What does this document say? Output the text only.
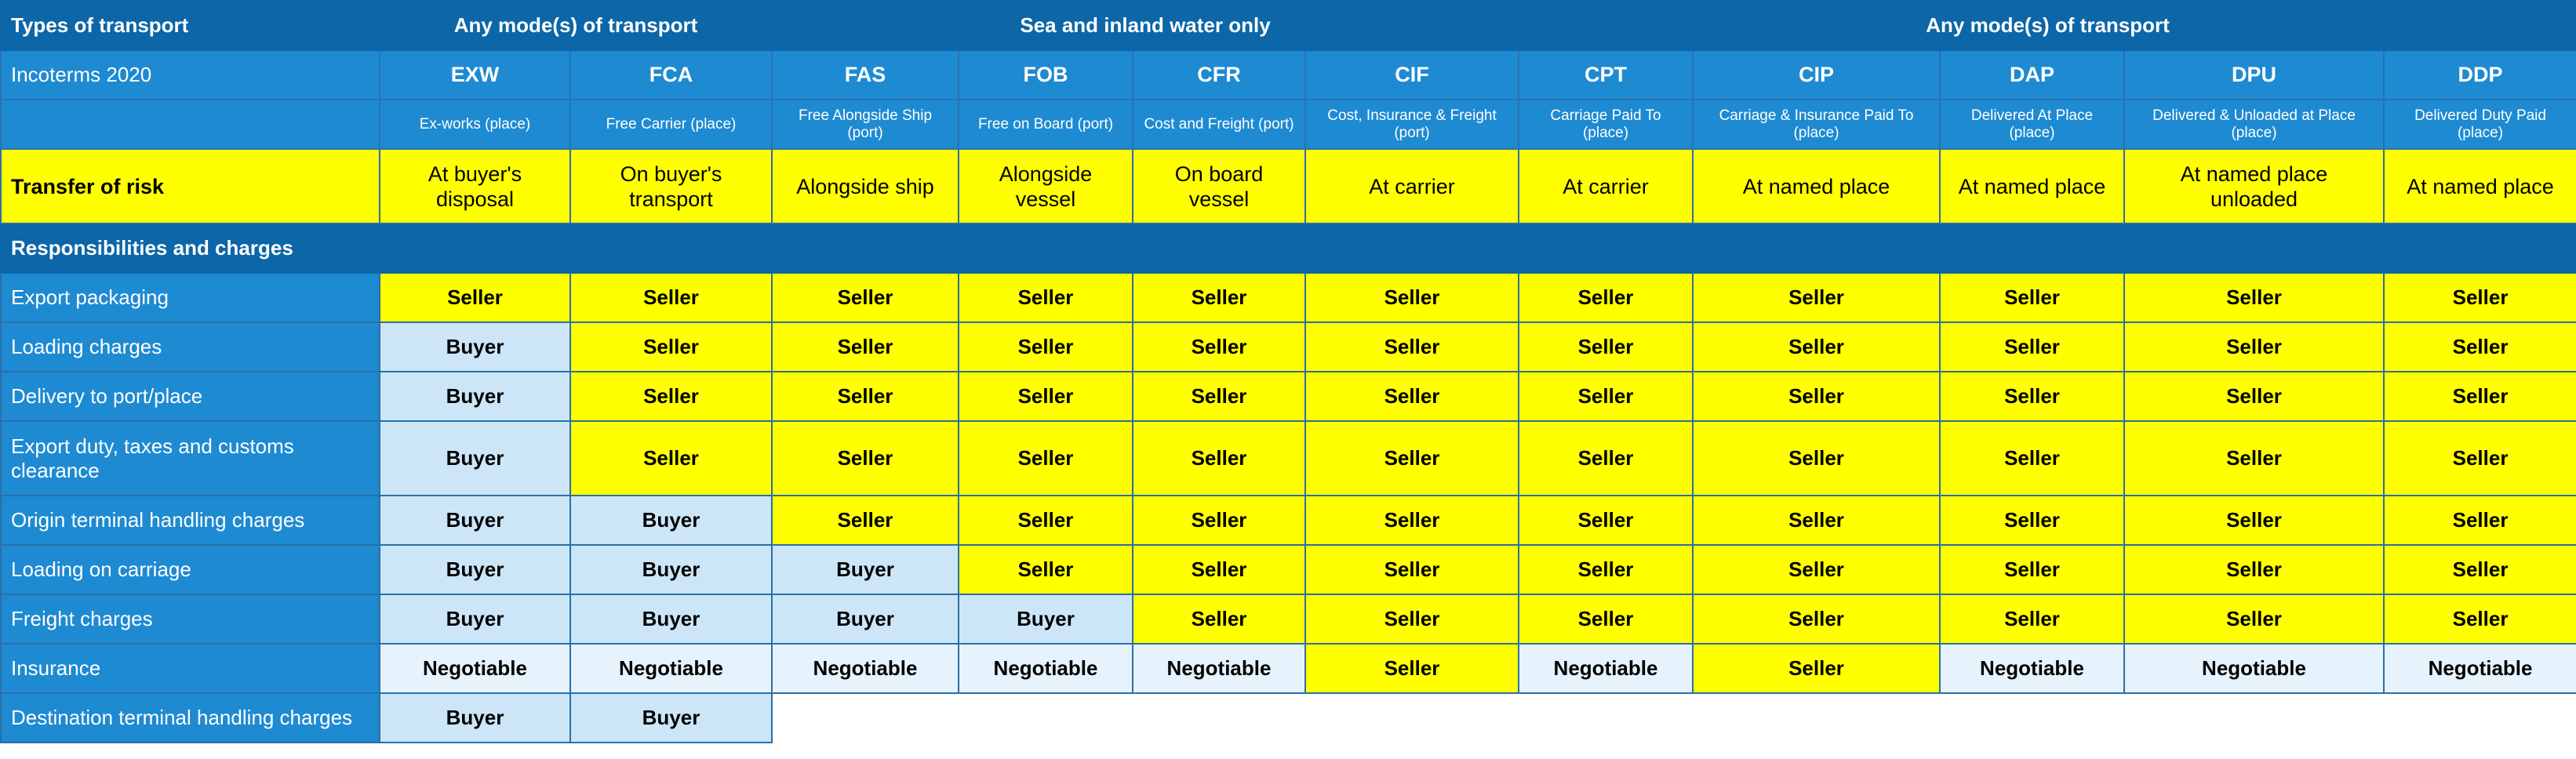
Types of transport	Any mode(s) of transport		Sea and inland water only				Any mode(s) of transport				
Incoterms 2020	EXW	FCA	FAS	FOB	CFR	CIF	CPT	CIP	DAP	DPU	DDP
	Ex-works (place)	Free Carrier (place)	Free Alongside Ship (port)	Free on Board (port)	Cost and Freight (port)	Cost, Insurance & Freight (port)	Carriage Paid To (place)	Carriage & Insurance Paid To (place)	Delivered At Place (place)	Delivered & Unloaded at Place (place)	Delivered Duty Paid (place)
Transfer of risk	At buyer's disposal	On buyer's transport	Alongside ship	Alongside vessel	On board vessel	At carrier	At carrier	At named place	At named place	At named place unloaded	At named place
Responsibilities and charges											
Export packaging	Seller	Seller	Seller	Seller	Seller	Seller	Seller	Seller	Seller	Seller	Seller
Loading charges	Buyer	Seller	Seller	Seller	Seller	Seller	Seller	Seller	Seller	Seller	Seller
Delivery to port/place	Buyer	Seller	Seller	Seller	Seller	Seller	Seller	Seller	Seller	Seller	Seller
Export duty, taxes and customs clearance	Buyer	Seller	Seller	Seller	Seller	Seller	Seller	Seller	Seller	Seller	Seller
Origin terminal handling charges	Buyer	Buyer	Seller	Seller	Seller	Seller	Seller	Seller	Seller	Seller	Seller
Loading on carriage	Buyer	Buyer	Buyer	Seller	Seller	Seller	Seller	Seller	Seller	Seller	Seller
Freight charges	Buyer	Buyer	Buyer	Buyer	Seller	Seller	Seller	Seller	Seller	Seller	Seller
Insurance	Negotiable	Negotiable	Negotiable	Negotiable	Negotiable	Seller	Negotiable	Seller	Negotiable	Negotiable	Negotiable
Destination terminal handling charges	Buyer	Buyer									
